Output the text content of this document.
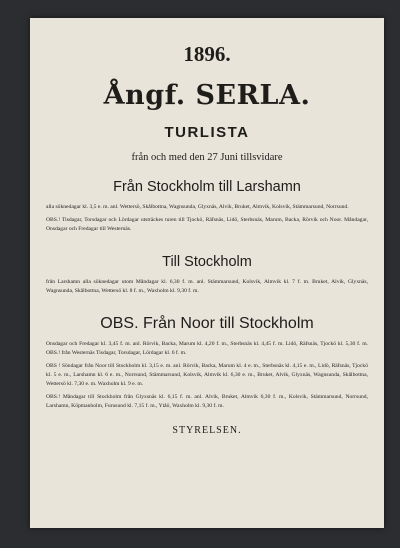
1896.
Ångf. SERLA.
TURLISTA
från och med den 27 Juni tillsvidare
Från Stockholm till Larshamn
alla söknedagar kl. 3,5 e. m. anl. Wettersö, Skålbottna, Wagnsunda, Glyxnäs, Alvik, Bruket, Almvik, Kolsvik, Stämmarsund, Norrsund.
OBS.! Tisdagar, Torsdagar och Lördagar utsträckes turen till Tjockö, Räfsnäs, Lidö, Sterbsnäs, Marum, Backa, Rörvik och Noor. Måndagar, Onsdagar och Fredagar till Westernäs.
Till Stockholm
från Larshamn alla söknedagar utom Måndagar kl. 6,30 f. m. anl. Stämmarsund, Kolsvik, Almvik kl. 7 f. m. Bruket, Alvik, Glyxnäs, Wagnsunda, Skålbottna, Wettersö kl. 8 f. m., Waxholm kl. 9,30 f. m.
OBS. Från Noor till Stockholm
Onsdagar och Fredagar kl. 3,45 f. m. anl. Rörvik, Backa, Marum kl. 4,20 f. m., Sterbsnäs kl. 4,45 f. m. Lidö, Räfsnäs, Tjockö kl. 5,30 f. m. OBS.! från Westernäs Tisdagar, Torsdagar, Lördagar kl. 6 f. m.
OBS ! Söndagar från Noor till Stockholm kl. 3,15 e. m. anl. Rörvik, Backa, Marum kl. 4 e. m., Sterbsnäs kl. 4,15 e. m., Lidö, Räfsnäs, Tjockö kl. 5 e. m., Larshamn kl. 6 e. m., Norrsund, Stämmarsund, Kolsvik, Almvik kl. 6,30 e. m., Bruket, Alvik, Glyxnäs, Wagnsunda, Skålbottna, Wettersö kl. 7,30 e. m. Waxholm kl. 9 e. m.
OBS.! Måndagar till Stockholm från Glyxsnäs kl. 6,15 f. m. anl. Alvik, Bruket, Almvik 6,30 f. m., Kolsvik, Stämmarsund, Norrsund, Larshamn, Köpmanholm, Furusund kl. 7,15 f. m., Ytåö, Waxholm kl. 9,30 f. m.
STYRELSEN.
